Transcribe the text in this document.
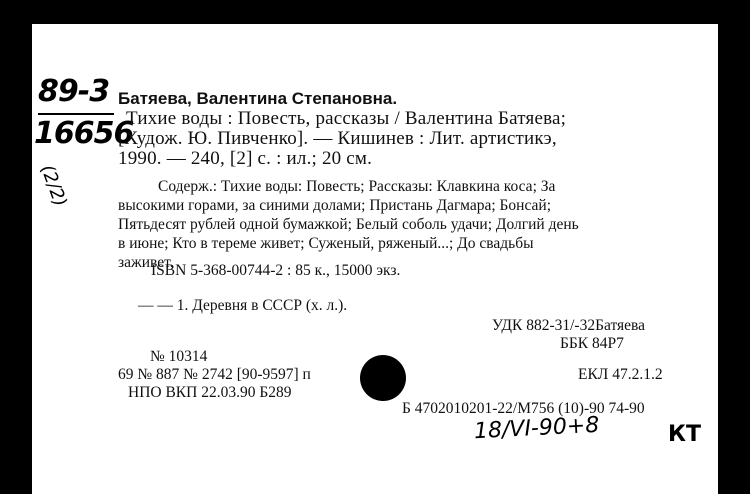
89-3
16656
(2/2)
Батяева, Валентина Степановна.
Тихие воды : Повесть, рассказы / Валентина Батяева;
[Худож. Ю. Пивченко]. — Кишинев : Лит. артистикэ,
1990. — 240, [2] с. : ил.; 20 см.
Содерж.: Тихие воды: Повесть; Рассказы: Клавкина коса; За
высокими горами, за синими долами; Пристань Дагмара; Бонсай;
Пятьдесят рублей одной бумажкой; Белый соболь удачи; Долгий день
в июне; Кто в тереме живет; Суженый, ряженый...; До свадьбы
заживет.
ISBN 5-368-00744-2 : 85 к., 15000 экз.
— — 1. Деревня в СССР (х. л.).
УДК 882-31/-32Батяева
ББК 84Р7
№ 10314
69 № 887 № 2742 [90-9597] п
НПО ВКП 22.03.90 Б289
ЕКЛ 47.2.1.2
Б 4702010201-22/М756 (10)-90 74-90
18/VI-90+8	КТ
